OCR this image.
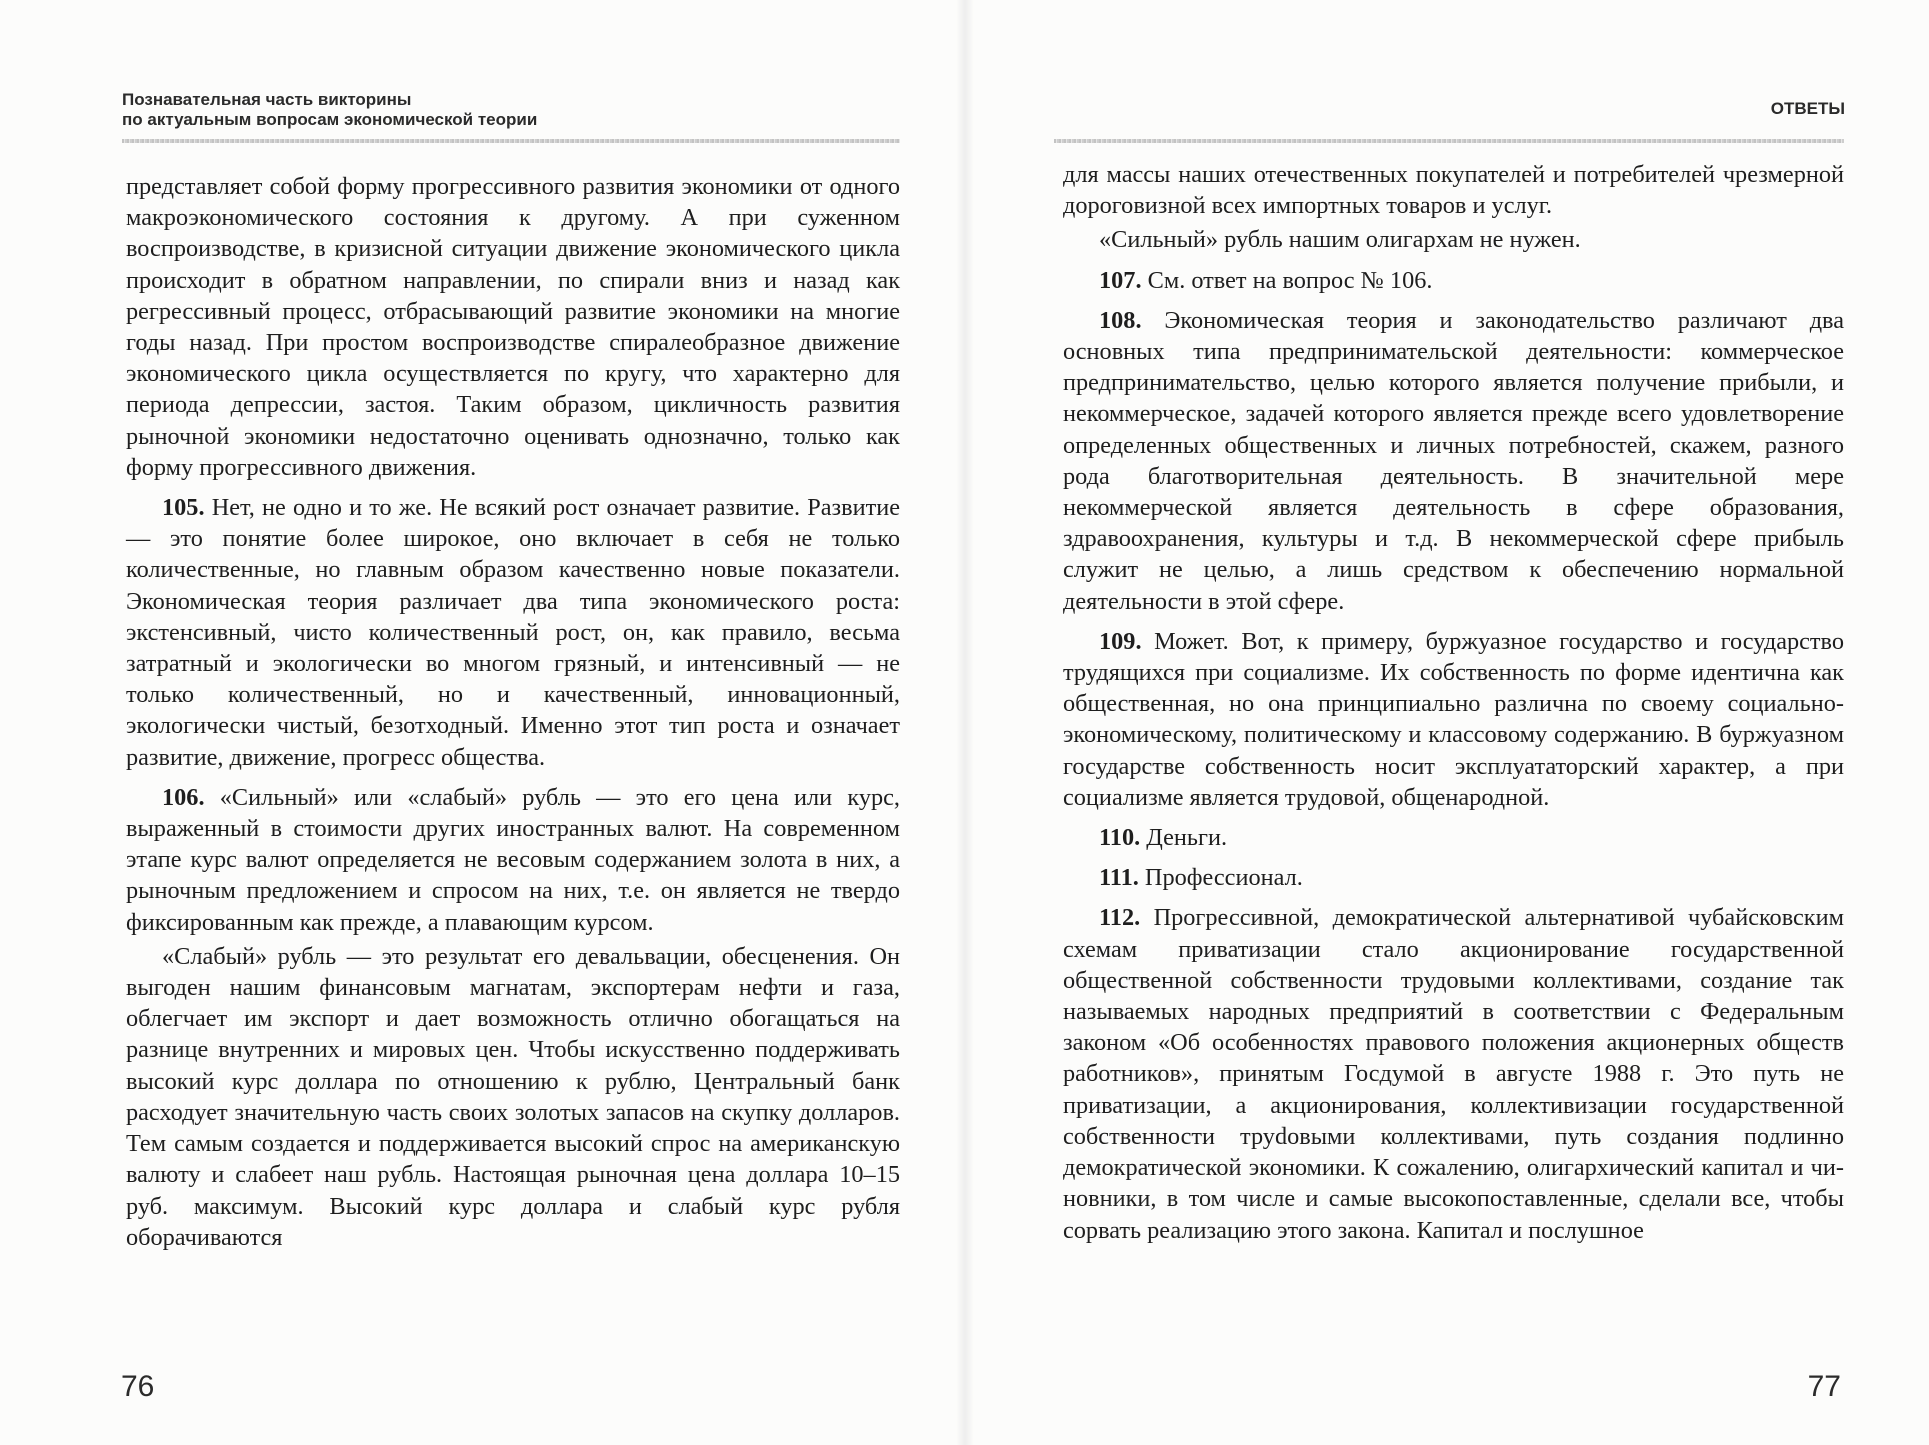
Познавательная часть викторины
по актуальным вопросам экономической теории

представляет собой форму прогрессивного развития экономики от одного макроэкономического состояния к другому. А при суженном воспроизводстве, в кризисной ситуации движение экономического цикла происходит в обратном направлении, по спирали вниз и назад как регрессивный процесс, отбрасывающий развитие экономики на многие годы назад. При простом воспроизводстве спиралеобразное движение экономического цикла осуществляется по кругу, что характерно для периода депрессии, застоя. Таким образом, цикличность развития рыночной экономики недостаточно оценивать однозначно, только как форму прогрессивного движения.

105. Нет, не одно и то же. Не всякий рост означает развитие. Развитие — это понятие более широкое, оно включает в себя не только количественные, но главным образом качественно новые показатели. Экономическая теория различает два типа экономического роста: экстенсивный, чисто количественный рост, он, как правило, весьма затратный и экологически во многом грязный, и интенсивный — не только количественный, но и качественный, инновационный, экологически чистый, безотходный. Именно этот тип роста и означает развитие, движение, прогресс общества.

106. «Сильный» или «слабый» рубль — это его цена или курс, выраженный в стоимости других иностранных валют. На современном этапе курс валют определяется не весовым содержанием золота в них, а рыночным предложением и спросом на них, т.е. он является не твердо фиксированным как прежде, а плавающим курсом.

«Слабый» рубль — это результат его девальвации, обесценения. Он выгоден нашим финансовым магнатам, экспортерам нефти и газа, облегчает им экспорт и дает возможность отлично обогащаться на разнице внутренних и мировых цен. Чтобы искусственно поддерживать высокий курс доллара по отношению к рублю, Центральный банк расходует значительную часть своих золотых запасов на скупку долларов. Тем самым создается и поддерживается высокий спрос на американскую валюту и слабеет наш рубль. Настоящая рыночная цена доллара 10–15 руб. максимум. Высокий курс доллара и слабый курс рубля оборачиваются

76
ОТВЕТЫ

для массы наших отечественных покупателей и потребителей чрезмерной дороговизной всех импортных товаров и услуг.

«Сильный» рубль нашим олигархам не нужен.

107. См. ответ на вопрос № 106.

108. Экономическая теория и законодательство различают два основных типа предпринимательской деятельности: коммерческое предпринимательство, целью которого является получение прибыли, и некоммерческое, задачей которого является прежде всего удовлетворение определенных общественных и личных потребностей, скажем, разного рода благотворительная деятельность. В значительной мере некоммерческой является деятельность в сфере образования, здравоохранения, культуры и т.д. В некоммерческой сфере прибыль служит не целью, а лишь средством к обеспечению нормальной деятельности в этой сфере.

109. Может. Вот, к примеру, буржуазное государство и государство трудящихся при социализме. Их собственность по форме идентична как общественная, но она принципиально различна по своему социально-экономическому, политическому и классовому содержанию. В буржуазном государстве собственность носит эксплуататорский характер, а при социализме является трудовой, общенародной.

110. Деньги.

111. Профессионал.

112. Прогрессивной, демократической альтернативой чубайсковским схемам приватизации стало акционирование государственной общественной собственности трудовыми коллективами, создание так называемых народных предприятий в соответствии с Федеральным законом «Об особенностях правового положения акционерных обществ работников», принятым Госдумой в августе 1988 г. Это путь не приватизации, а акционирования, коллективизации государственной собственности труdовыми коллективами, путь создания подлинно демократической экономики. К сожалению, олигархический капитал и чиновники, в том числе и самые высокопоставленные, сделали все, чтобы сорвать реализацию этого закона. Капитал и послушное

77
